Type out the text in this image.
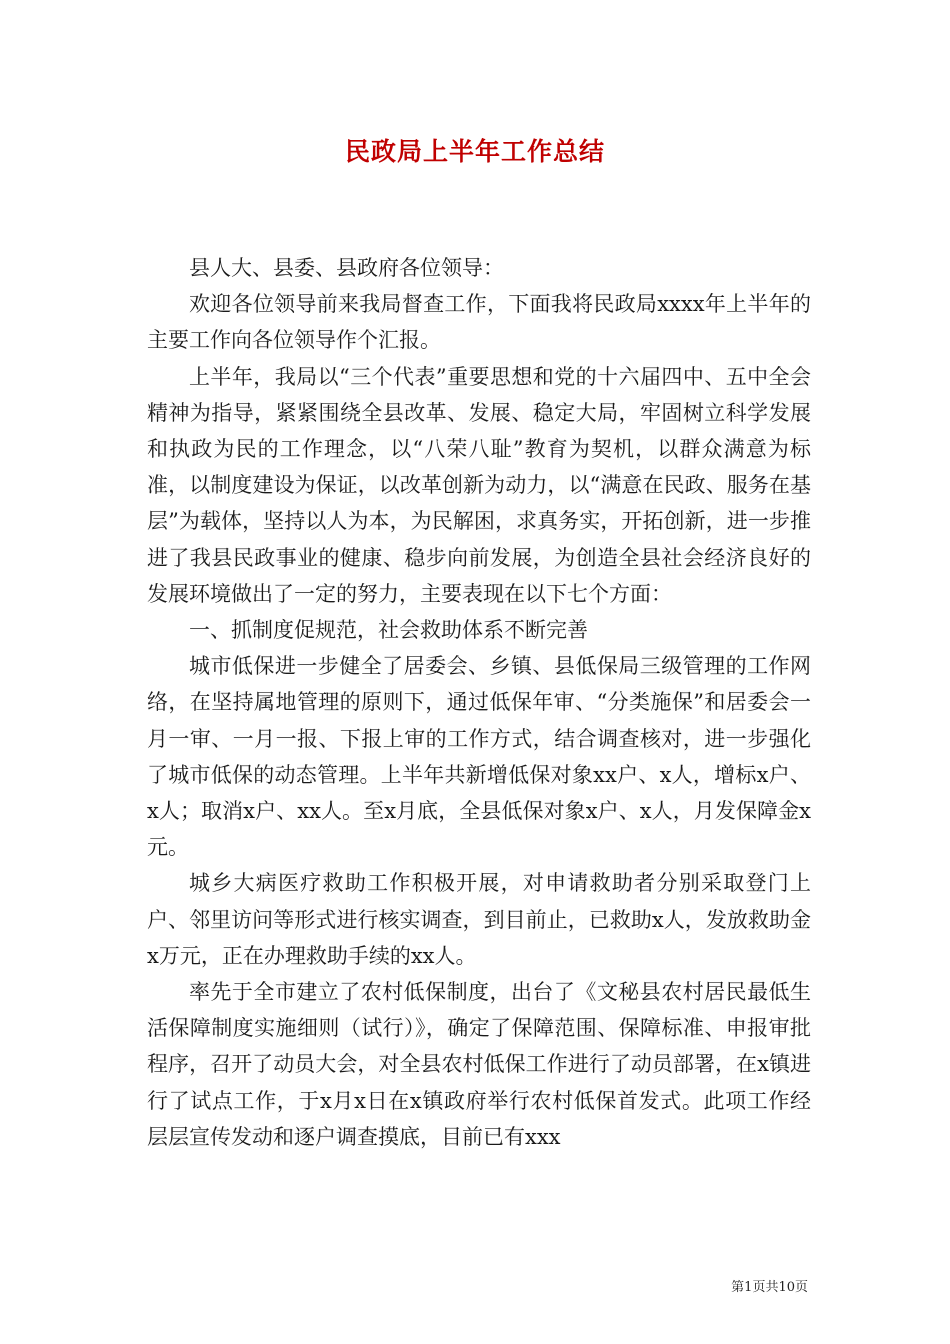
民政局上半年工作总结

县人大、县委、县政府各位领导：

欢迎各位领导前来我局督查工作，下面我将民政局xxxx年上半年的主要工作向各位领导作个汇报。

上半年，我局以“三个代表”重要思想和党的十六届四中、五中全会精神为指导，紧紧围绕全县改革、发展、稳定大局，牢固树立科学发展和执政为民的工作理念，以“八荣八耻”教育为契机，以群众满意为标准，以制度建设为保证，以改革创新为动力，以“满意在民政、服务在基层”为载体，坚持以人为本，为民解困，求真务实，开拓创新，进一步推进了我县民政事业的健康、稳步向前发展，为创造全县社会经济良好的发展环境做出了一定的努力，主要表现在以下七个方面：

一、抓制度促规范，社会救助体系不断完善

城市低保进一步健全了居委会、乡镇、县低保局三级管理的工作网络，在坚持属地管理的原则下，通过低保年审、“分类施保”和居委会一月一审、一月一报、下报上审的工作方式，结合调查核对，进一步强化了城市低保的动态管理。上半年共新增低保对象xx户、x人，增标x户、x人；取消x户、xx人。至x月底，全县低保对象x户、x人，月发保障金x元。

城乡大病医疗救助工作积极开展，对申请救助者分别采取登门上户、邻里访问等形式进行核实调查，到目前止，已救助x人，发放救助金x万元，正在办理救助手续的xx人。

率先于全市建立了农村低保制度，出台了《文秘县农村居民最低生活保障制度实施细则（试行）》，确定了保障范围、保障标准、申报审批程序，召开了动员大会，对全县农村低保工作进行了动员部署，在x镇进行了试点工作，于x月x日在x镇政府举行农村低保首发式。此项工作经层层宣传发动和逐户调查摸底，目前已有xxx

第1页共10页
